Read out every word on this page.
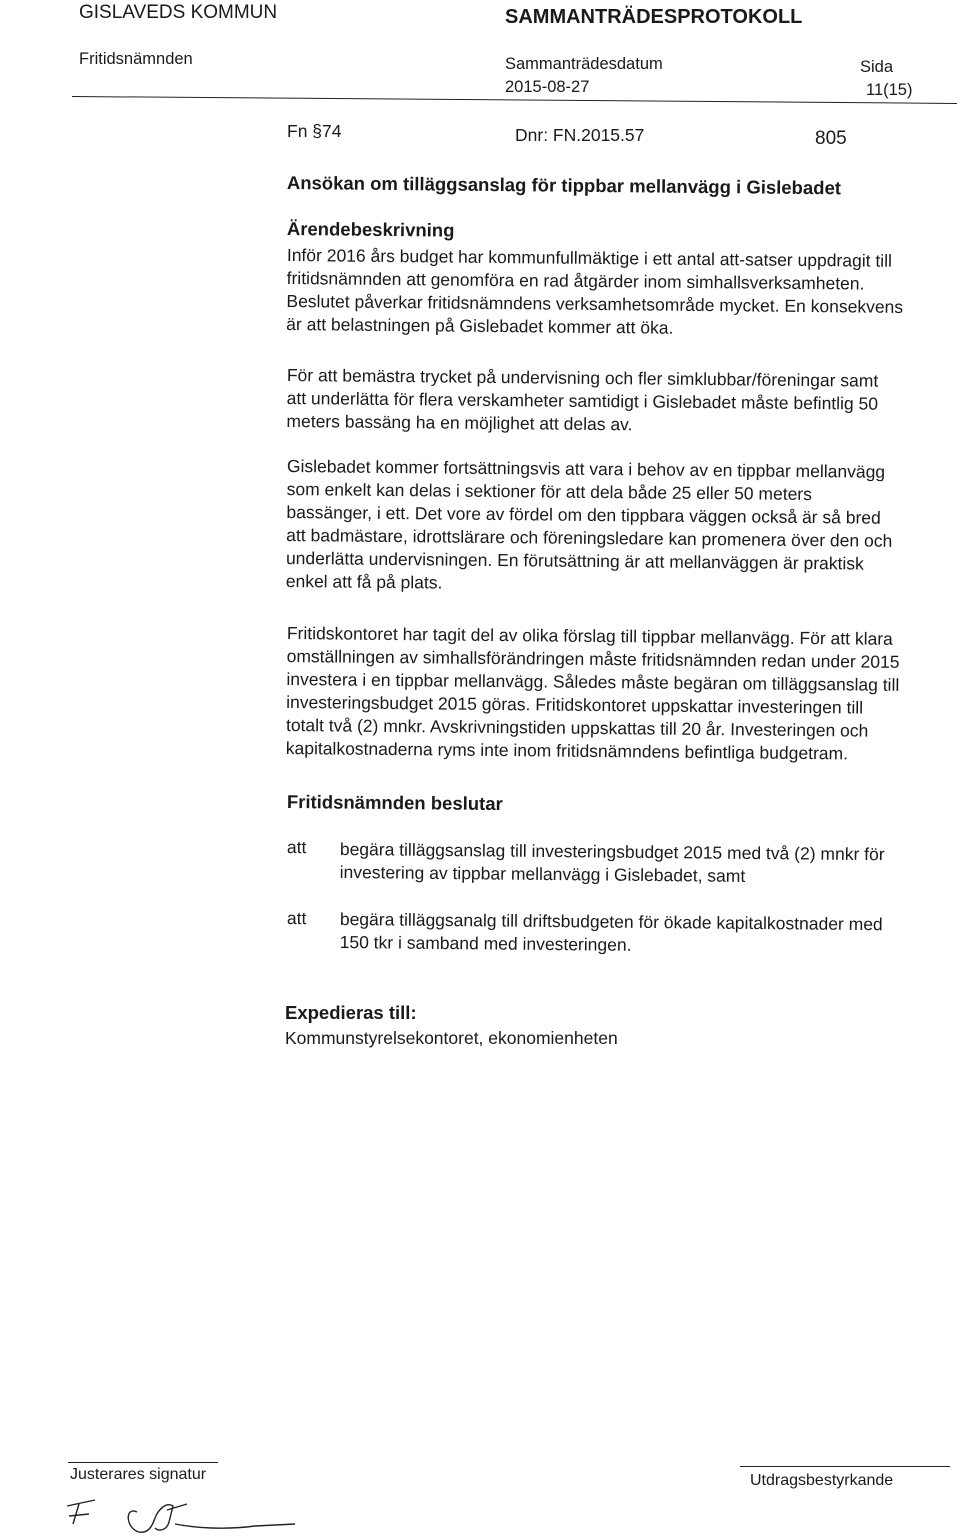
GISLAVEDS KOMMUN	SAMMANTRÄDESPROTOKOLL
Fritidsnämnden	Sammanträdesdatum
2015-08-27
Sida
11(15)
Fn §74	Dnr: FN.2015.57	805
Ansökan om tilläggsanslag för tippbar mellanvägg i Gislebadet
Ärendebeskrivning
Inför 2016 års budget har kommunfullmäktige i ett antal att-satser uppdragit till
fritidsnämnden att genomföra en rad åtgärder inom simhallsverksamheten.
Beslutet påverkar fritidsnämndens verksamhetsområde mycket. En konsekvens
är att belastningen på Gislebadet kommer att öka.
För att bemästra trycket på undervisning och fler simklubbar/föreningar samt
att underlätta för flera verskamheter samtidigt i Gislebadet måste befintlig 50
meters bassäng ha en möjlighet att delas av.
Gislebadet kommer fortsättningsvis att vara i behov av en tippbar mellanvägg
som enkelt kan delas i sektioner för att dela både 25 eller 50 meters
bassänger, i ett. Det vore av fördel om den tippbara väggen också är så bred
att badmästare, idrottslärare och föreningsledare kan promenera över den och
underlätta undervisningen. En förutsättning är att mellanväggen är praktisk
enkel att få på plats.
Fritidskontoret har tagit del av olika förslag till tippbar mellanvägg. För att klara
omställningen av simhallsförändringen måste fritidsnämnden redan under 2015
investera i en tippbar mellanvägg. Således måste begäran om tilläggsanslag till
investeringsbudget 2015 göras. Fritidskontoret uppskattar investeringen till
totalt två (2) mnkr. Avskrivningstiden uppskattas till 20 år. Investeringen och
kapitalkostnaderna ryms inte inom fritidsnämndens befintliga budgetram.
Fritidsnämnden beslutar
att begära tilläggsanslag till investeringsbudget 2015 med två (2) mnkr för
investering av tippbar mellanvägg i Gislebadet, samt
att begära tilläggsanalg till driftsbudgeten för ökade kapitalkostnader med
150 tkr i samband med investeringen.
Expedieras till:
Kommunstyrelsekontoret, ekonomienheten
Justerares signatur	Utdragsbestyrkande
